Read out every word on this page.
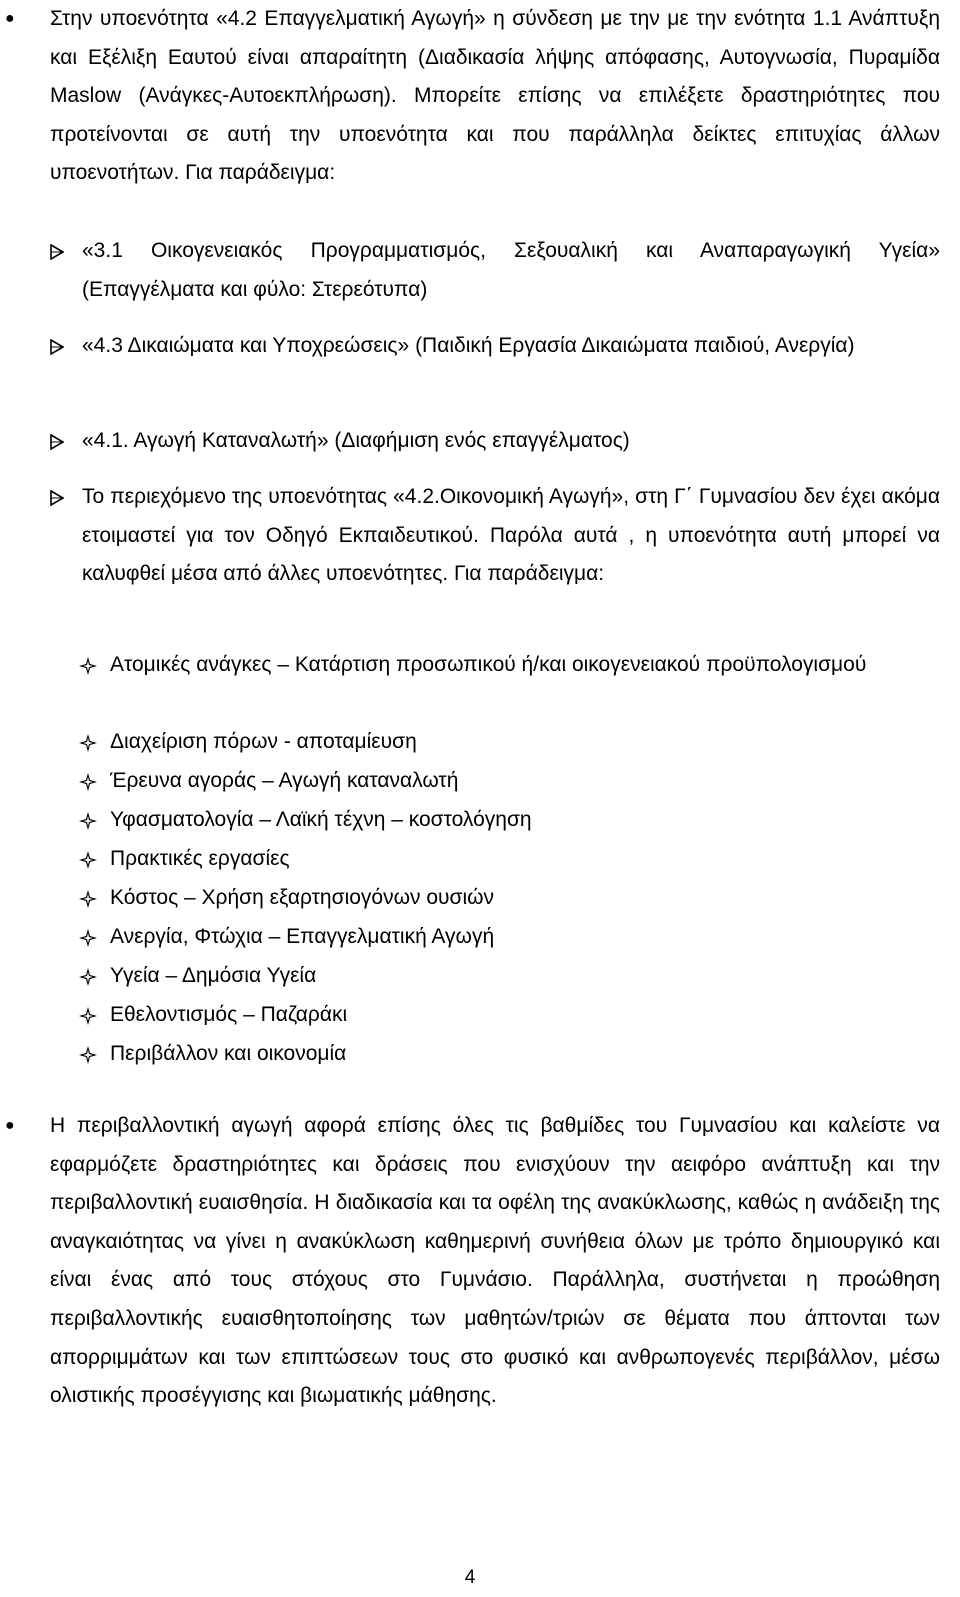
● Στην υποενότητα «4.2 Επαγγελματική Αγωγή» η σύνδεση με την με την ενότητα 1.1 Ανάπτυξη και Εξέλιξη Εαυτού είναι απαραίτητη (Διαδικασία λήψης απόφασης, Αυτογνωσία, Πυραμίδα Maslow (Ανάγκες-Αυτοεκπλήρωση). Μπορείτε επίσης να επιλέξετε δραστηριότητες που προτείνονται σε αυτή την υποενότητα και που παράλληλα δείκτες επιτυχίας άλλων υποενοτήτων. Για παράδειγμα:
«3.1 Οικογενειακός Προγραμματισμός, Σεξουαλική και Αναπαραγωγική Υγεία» (Επαγγέλματα και φύλο: Στερεότυπα)
«4.3 Δικαιώματα και Υποχρεώσεις» (Παιδική Εργασία Δικαιώματα παιδιού, Ανεργία)
«4.1. Αγωγή Καταναλωτή» (Διαφήμιση ενός επαγγέλματος)
Το περιεχόμενο της υποενότητας «4.2.Οικονομική Αγωγή», στη Γ΄ Γυμνασίου δεν έχει ακόμα ετοιμαστεί για τον Οδηγό Εκπαιδευτικού. Παρόλα αυτά , η υποενότητα αυτή μπορεί να καλυφθεί μέσα από άλλες υποενότητες. Για παράδειγμα:
Ατομικές ανάγκες – Κατάρτιση προσωπικού ή/και οικογενειακού προϋπολογισμού
Διαχείριση πόρων - αποταμίευση
Έρευνα αγοράς – Αγωγή καταναλωτή
Υφασματολογία – Λαϊκή τέχνη – κοστολόγηση
Πρακτικές εργασίες
Κόστος – Χρήση εξαρτησιογόνων ουσιών
Ανεργία, Φτώχια – Επαγγελματική Αγωγή
Υγεία – Δημόσια Υγεία
Εθελοντισμός – Παζαράκι
Περιβάλλον και οικονομία
● Η περιβαλλοντική αγωγή αφορά επίσης όλες τις βαθμίδες του Γυμνασίου και καλείστε να εφαρμόζετε δραστηριότητες και δράσεις που ενισχύουν την αειφόρο ανάπτυξη και την περιβαλλοντική ευαισθησία. Η διαδικασία και τα οφέλη της ανακύκλωσης, καθώς η ανάδειξη της αναγκαιότητας να γίνει η ανακύκλωση καθημερινή συνήθεια όλων με τρόπο δημιουργικό και είναι ένας από τους στόχους στο Γυμνάσιο. Παράλληλα, συστήνεται η προώθηση περιβαλλοντικής ευαισθητοποίησης των μαθητών/τριών σε θέματα που άπτονται των απορριμμάτων και των επιπτώσεων τους στο φυσικό και ανθρωπογενές περιβάλλον, μέσω ολιστικής προσέγγισης και βιωματικής μάθησης.
4
